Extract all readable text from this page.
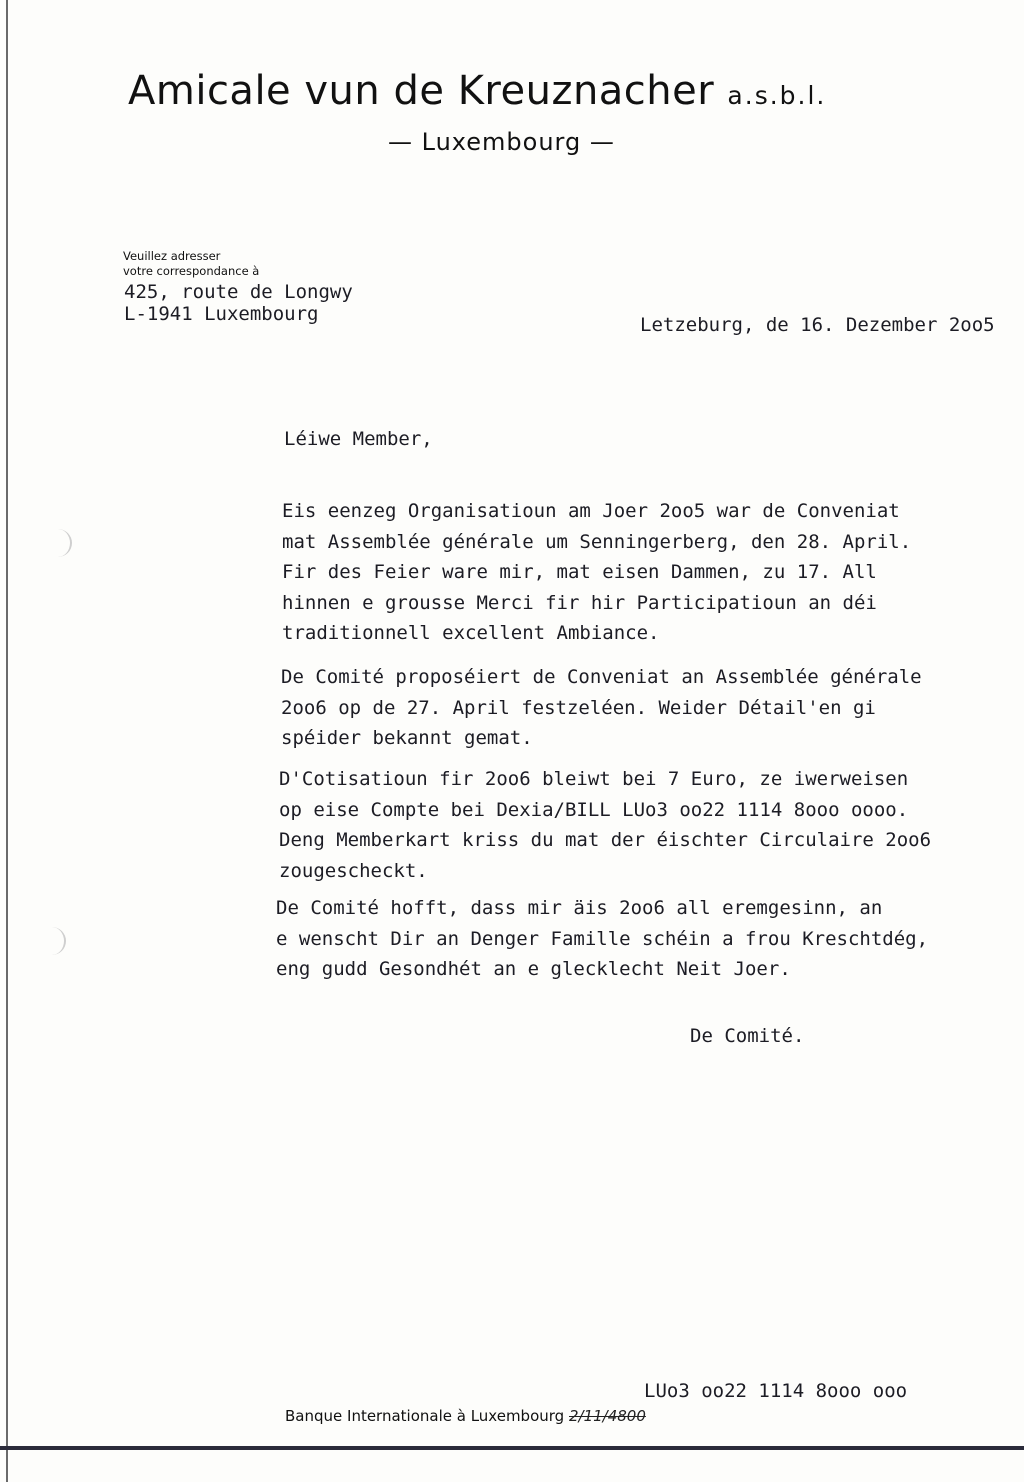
Amicale vun de Kreuznacher a.s.b.l.
— Luxembourg —
Veuillez adresser
votre correspondance à
425, route de Longwy
L-1941 Luxembourg	Letzeburg, de 16. Dezember 2oo5
Léiwe Member,
Eis eenzeg Organisatioun am Joer 2oo5 war de Conveniat
mat Assemblée générale um Senningerberg, den 28. April.
Fir des Feier ware mir, mat eisen Dammen, zu 17. All
hinnen e grousse Merci fir hir Participatioun an déi
traditionnell excellent Ambiance.
De Comité proposéiert de Conveniat an Assemblée générale
2oo6 op de 27. April festzeléen. Weider Détail'en gi
spéider bekannt gemat.
D'Cotisatioun fir 2oo6 bleiwt bei 7 Euro, ze iwerweisen
op eise Compte bei Dexia/BILL LUo3 oo22 1114 8ooo oooo.
Deng Memberkart kriss du mat der éischter Circulaire 2oo6
zougescheckt.
De Comité hofft, dass mir äis 2oo6 all eremgesinn, an
e wenscht Dir an Denger Famille schéin a frou Kreschtdég,
eng gudd Gesondhét an e glecklecht Neit Joer.
De Comité.
LUo3 oo22 1114 8ooo ooo
Banque Internationale à Luxembourg 2/11/4800
